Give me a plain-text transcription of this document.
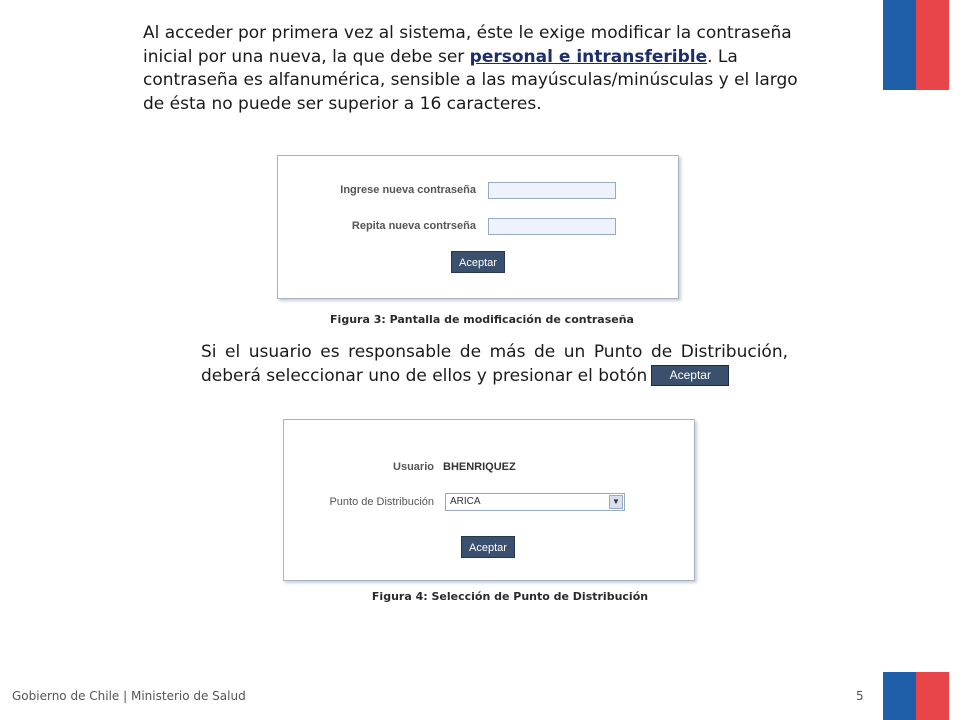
Al acceder por primera vez al sistema, éste le exige modificar la contraseña inicial por una nueva, la que debe ser personal e intransferible. La contraseña es alfanumérica, sensible a las mayúsculas/minúsculas y el largo de ésta no puede ser superior a 16 caracteres.
Ingrese nueva contraseña
Repita nueva contrseña
Aceptar
Figura 3: Pantalla de modificación de contraseña
Si el usuario es responsable de más de un Punto de Distribución, deberá seleccionar uno de ellos y presionar el botón Aceptar
Usuario BHENRIQUEZ
Punto de Distribución	ARICA	▼
Aceptar
Figura 4: Selección de Punto de Distribución
Gobierno de Chile | Ministerio de Salud	5
